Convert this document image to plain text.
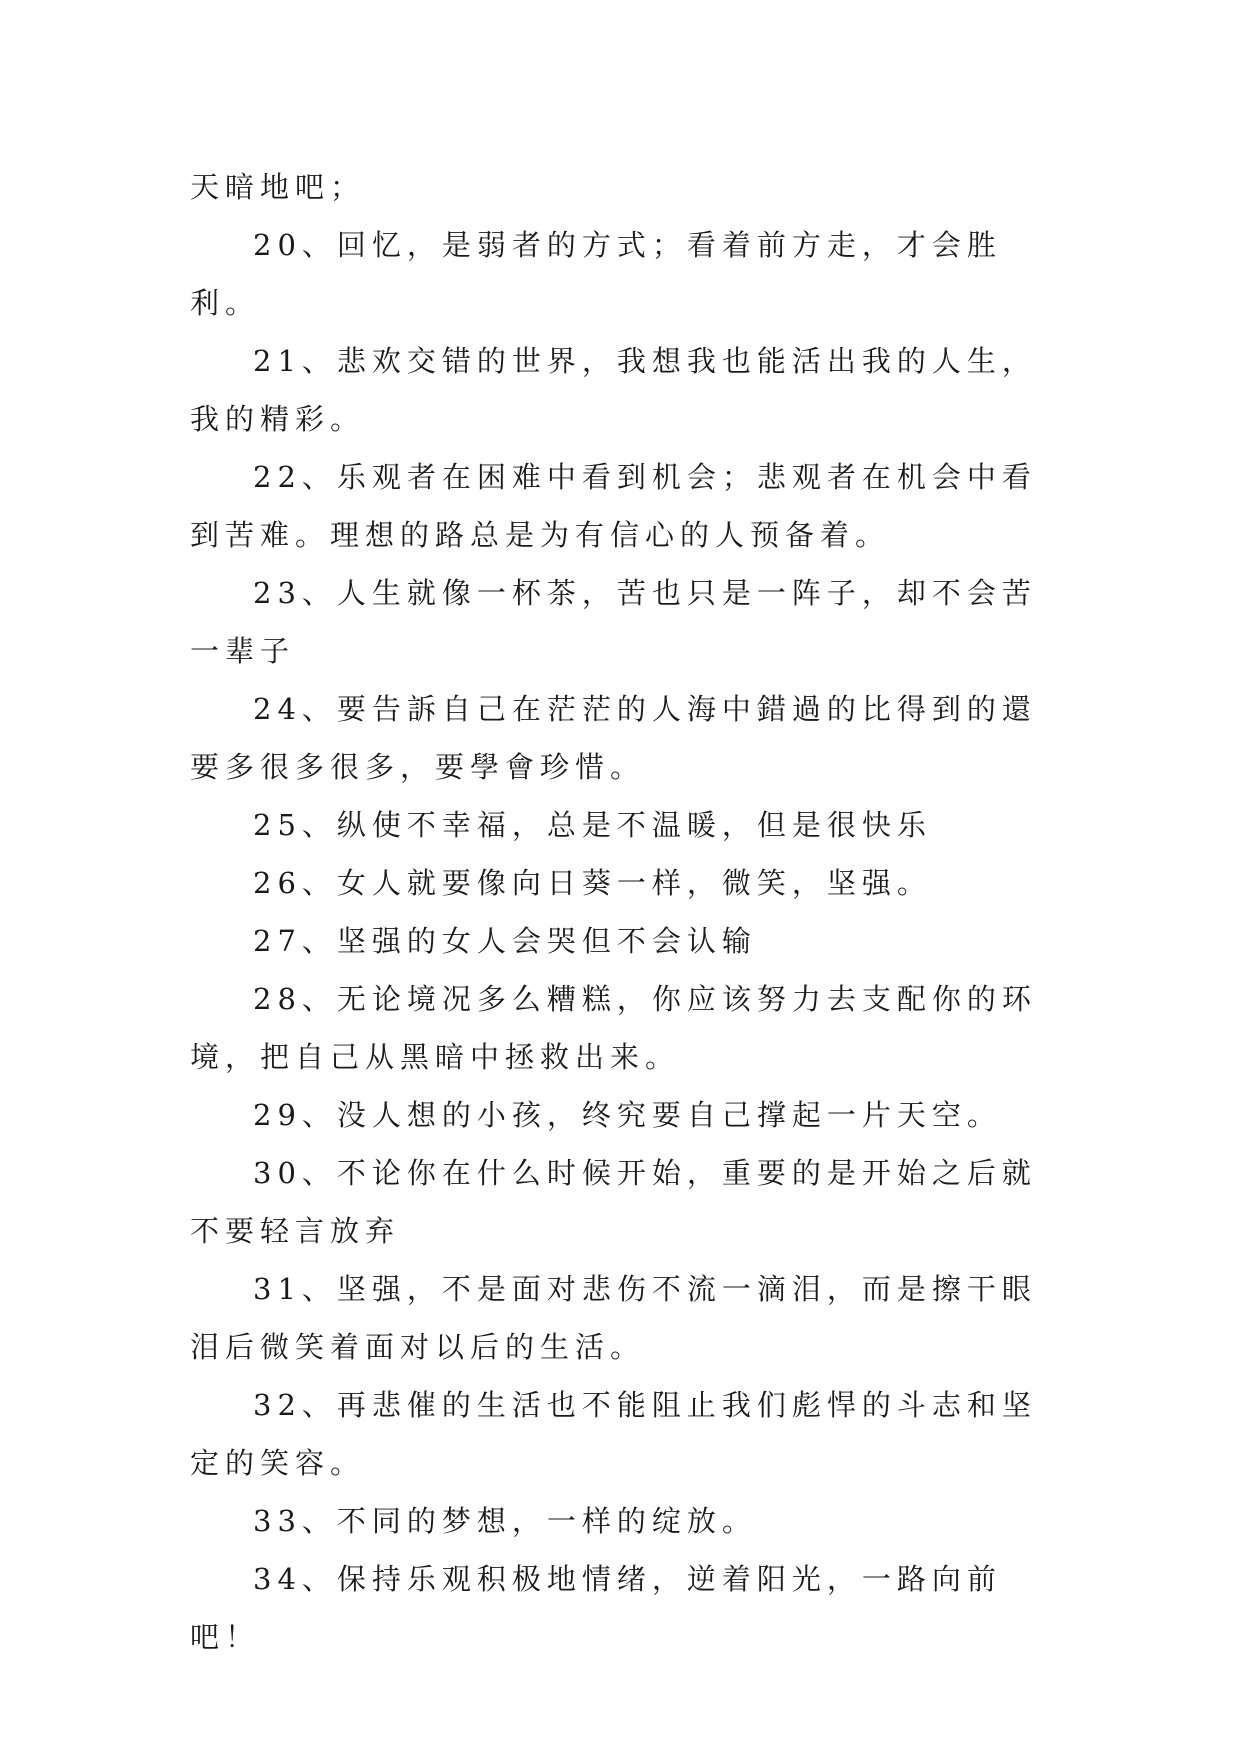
天暗地吧；

20、回忆，是弱者的方式；看着前方走，才会胜利。

21、悲欢交错的世界，我想我也能活出我的人生，我的精彩。

22、乐观者在困难中看到机会；悲观者在机会中看到苦难。理想的路总是为有信心的人预备着。

23、人生就像一杯茶，苦也只是一阵子，却不会苦一辈子

24、要告訴自己在茫茫的人海中錯過的比得到的還要多很多很多，要學會珍惜。

25、纵使不幸福，总是不温暖，但是很快乐

26、女人就要像向日葵一样，微笑，坚强。

27、坚强的女人会哭但不会认输

28、无论境况多么糟糕，你应该努力去支配你的环境，把自己从黑暗中拯救出来。

29、没人想的小孩，终究要自己撑起一片天空。

30、不论你在什么时候开始，重要的是开始之后就不要轻言放弃

31、坚强，不是面对悲伤不流一滴泪，而是擦干眼泪后微笑着面对以后的生活。

32、再悲催的生活也不能阻止我们彪悍的斗志和坚定的笑容。

33、不同的梦想，一样的绽放。

34、保持乐观积极地情绪，逆着阳光，一路向前吧！
